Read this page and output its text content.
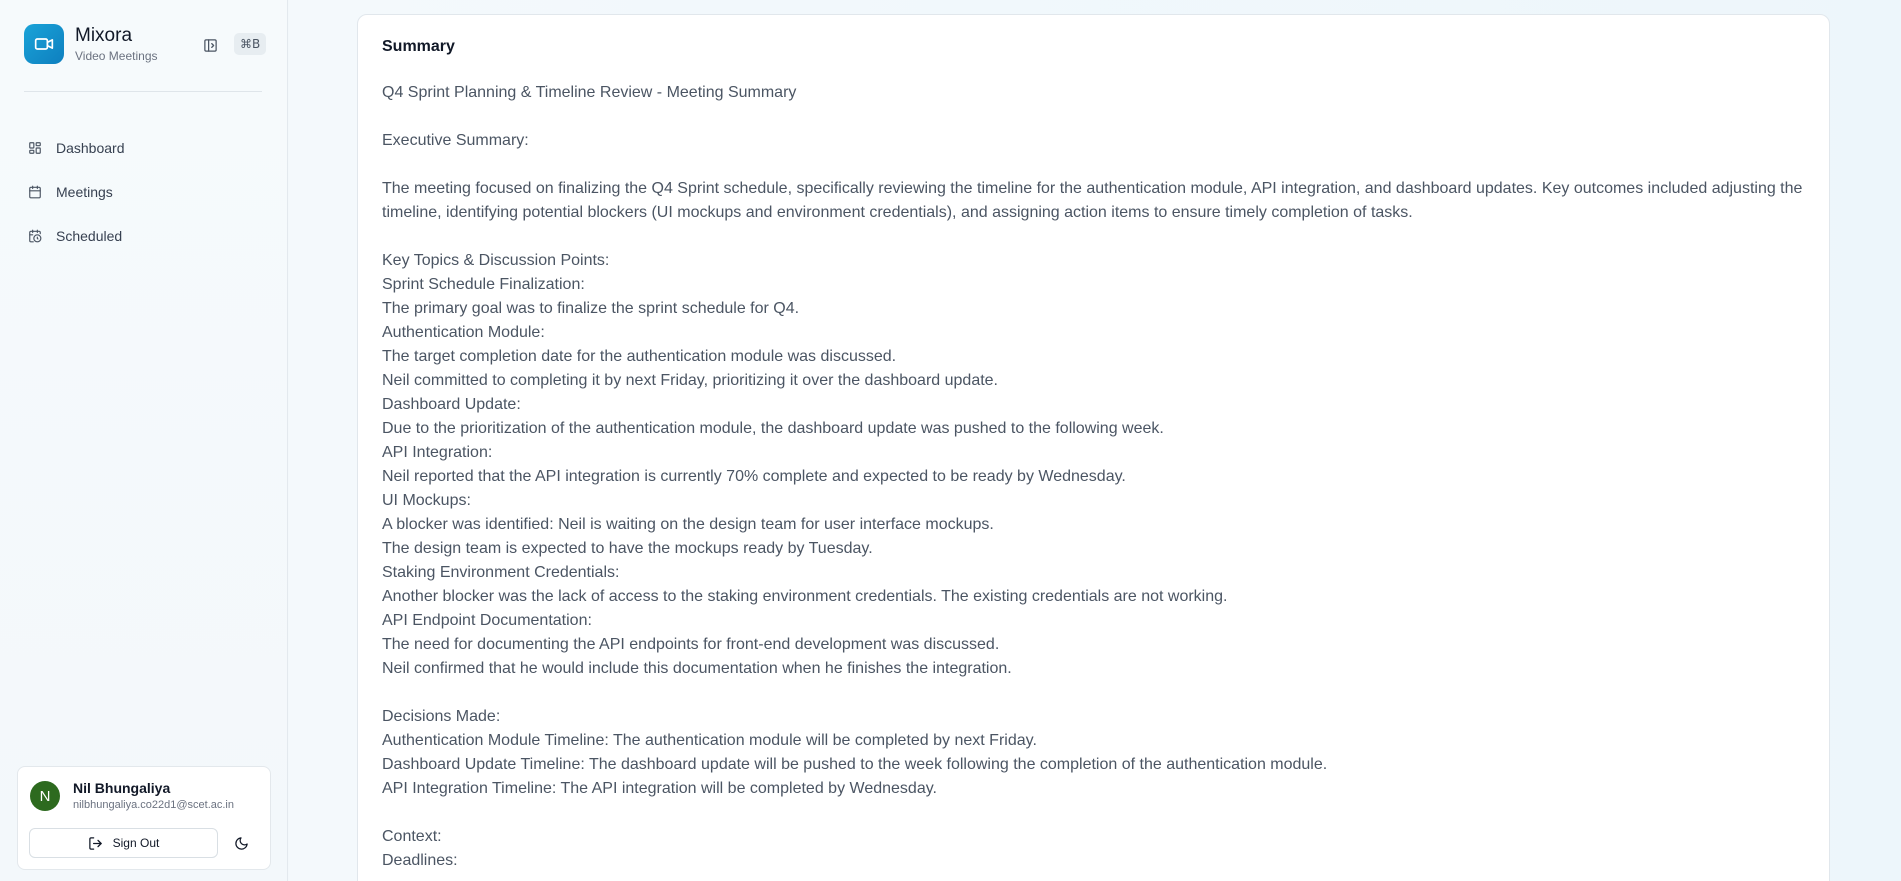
Mixora
Video Meetings
⌘B
Dashboard
Meetings
Scheduled
N	Nil Bhungaliya
nilbhungaliya.co22d1@scet.ac.in
Sign Out
Summary
Q4 Sprint Planning & Timeline Review - Meeting Summary
Executive Summary:
The meeting focused on finalizing the Q4 Sprint schedule, specifically reviewing the timeline for the authentication module, API integration, and dashboard updates. Key outcomes included adjusting the timeline, identifying potential blockers (UI mockups and environment credentials), and assigning action items to ensure timely completion of tasks.
Key Topics & Discussion Points:
Sprint Schedule Finalization:
The primary goal was to finalize the sprint schedule for Q4.
Authentication Module:
The target completion date for the authentication module was discussed.
Neil committed to completing it by next Friday, prioritizing it over the dashboard update.
Dashboard Update:
Due to the prioritization of the authentication module, the dashboard update was pushed to the following week.
API Integration:
Neil reported that the API integration is currently 70% complete and expected to be ready by Wednesday.
UI Mockups:
A blocker was identified: Neil is waiting on the design team for user interface mockups.
The design team is expected to have the mockups ready by Tuesday.
Staking Environment Credentials:
Another blocker was the lack of access to the staking environment credentials. The existing credentials are not working.
API Endpoint Documentation:
The need for documenting the API endpoints for front-end development was discussed.
Neil confirmed that he would include this documentation when he finishes the integration.
Decisions Made:
Authentication Module Timeline: The authentication module will be completed by next Friday.
Dashboard Update Timeline: The dashboard update will be pushed to the week following the completion of the authentication module.
API Integration Timeline: The API integration will be completed by Wednesday.
Context:
Deadlines:
